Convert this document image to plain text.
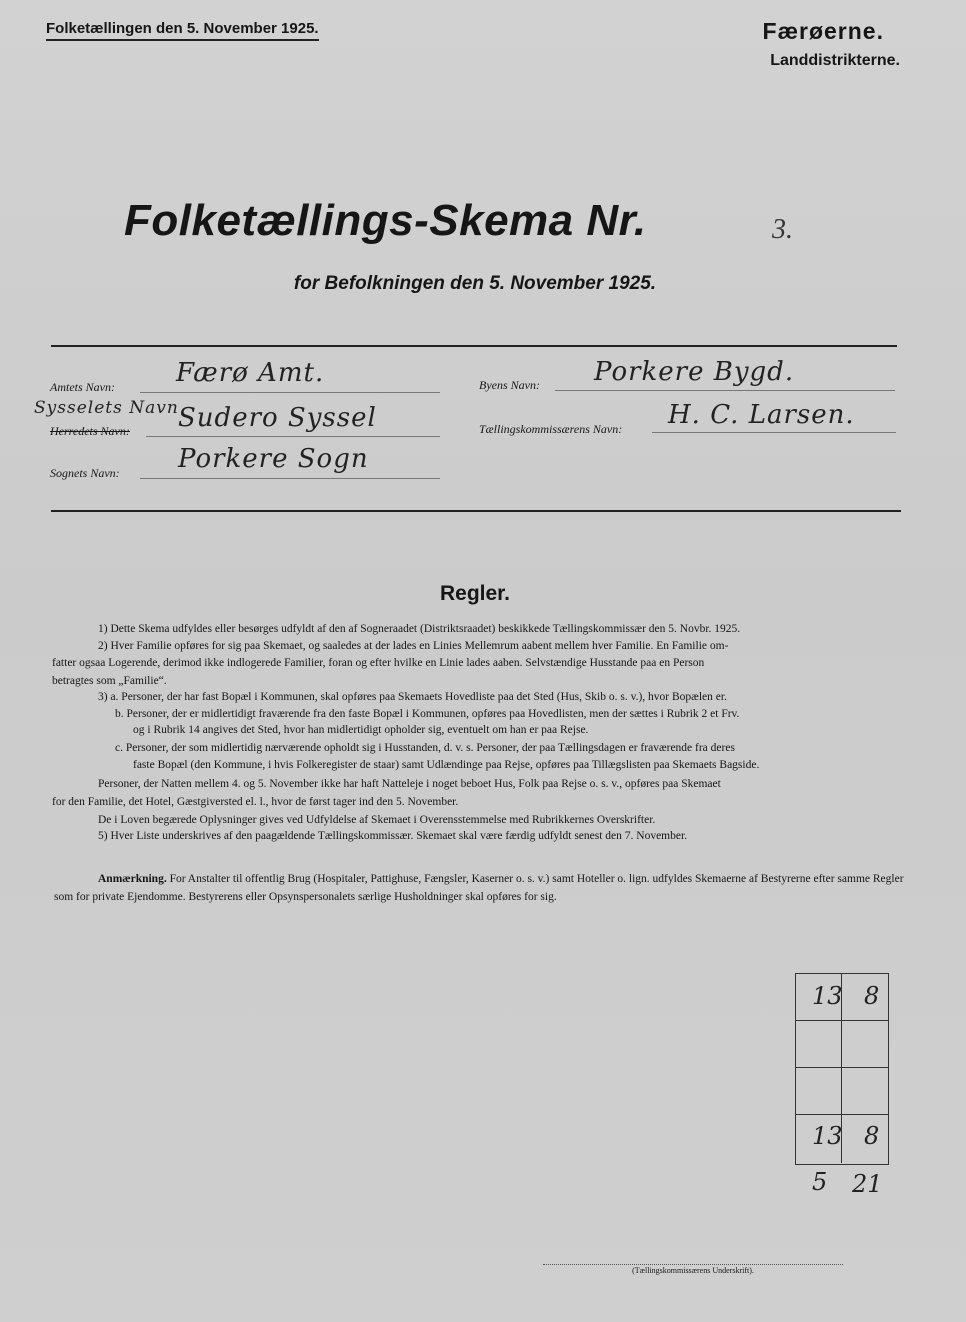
Folketællingen den 5. November 1925.	Færøerne.
Landdistrikterne.
Folketællings-Skema Nr.	3.
for Befolkningen den 5. November 1925.
Amtets Navn: Færø Amt.	Byens Navn: Porkere Bygd.
Sysselets Navn
Herredets Navn: Sudero Syssel	Tællingskommissærens Navn: H. C. Larsen.
Sognets Navn: Porkere Sogn
Regler.
1) Dette Skema udfyldes eller besørges udfyldt af den af Sogneraadet (Distriktsraadet) beskikkede Tællingskommissær den 5. Novbr. 1925.
2) Hver Familie opføres for sig paa Skemaet, og saaledes at der lades en Linies Mellemrum aabent mellem hver Familie. En Familie om-
fatter ogsaa Logerende, derimod ikke indlogerede Familier, foran og efter hvilke en Linie lades aaben. Selvstændige Husstande paa en Person
betragtes som „Familie“.
3) a. Personer, der har fast Bopæl i Kommunen, skal opføres paa Skemaets Hovedliste paa det Sted (Hus, Skib o. s. v.), hvor Bopælen er.
b. Personer, der er midlertidigt fraværende fra den faste Bopæl i Kommunen, opføres paa Hovedlisten, men der sættes i Rubrik 2 et Frv.
og i Rubrik 14 angives det Sted, hvor han midlertidigt opholder sig, eventuelt om han er paa Rejse.
c. Personer, der som midlertidig nærværende opholdt sig i Husstanden, d. v. s. Personer, der paa Tællingsdagen er fraværende fra deres
faste Bopæl (den Kommune, i hvis Folkeregister de staar) samt Udlændinge paa Rejse, opføres paa Tillægslisten paa Skemaets Bagside.
Personer, der Natten mellem 4. og 5. November ikke har haft Natteleje i noget beboet Hus, Folk paa Rejse o. s. v., opføres paa Skemaet
for den Familie, det Hotel, Gæstgiversted el. l., hvor de først tager ind den 5. November.
De i Loven begærede Oplysninger gives ved Udfyldelse af Skemaet i Overensstemmelse med Rubrikkernes Overskrifter.
5) Hver Liste underskrives af den paagældende Tællingskommissær. Skemaet skal være færdig udfyldt senest den 7. November.
Anmærkning. For Anstalter til offentlig Brug (Hospitaler, Pattighuse, Fængsler, Kaserner o. s. v.) samt Hoteller o. lign. udfyldes Skemaerne af Bestyrerne efter samme Regler som for private Ejendomme. Bestyrerens eller Opsynspersonalets særlige Husholdninger skal opføres for sig.
13 8
13 8
5 21
(Tællingskommissærens Underskrift).
